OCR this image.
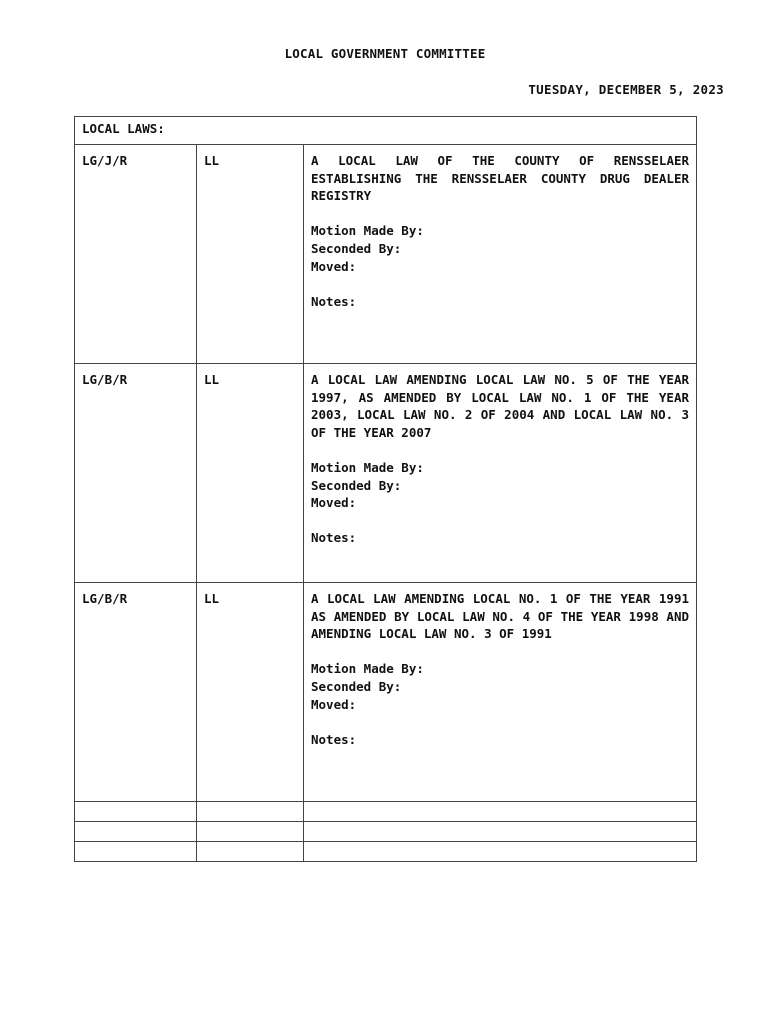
LOCAL GOVERNMENT COMMITTEE
TUESDAY, DECEMBER 5, 2023
LOCAL LAWS:		
LG/J/R	LL	A LOCAL LAW OF THE COUNTY OF RENSSELAER ESTABLISHING THE RENSSELAER COUNTY DRUG DEALER REGISTRY
Motion Made By:
Seconded By:
Moved:
Notes:

LG/B/R	LL	A LOCAL LAW AMENDING LOCAL LAW NO. 5 OF THE YEAR 1997, AS AMENDED BY LOCAL LAW NO. 1 OF THE YEAR 2003, LOCAL LAW NO. 2 OF 2004 AND LOCAL LAW NO. 3 OF THE YEAR 2007
Motion Made By:
Seconded By:
Moved:
Notes:

LG/B/R	LL	A LOCAL LAW AMENDING LOCAL NO. 1 OF THE YEAR 1991 AS AMENDED BY LOCAL LAW NO. 4 OF THE YEAR 1998 AND AMENDING LOCAL LAW NO. 3 OF 1991
Motion Made By:
Seconded By:
Moved:
Notes:
